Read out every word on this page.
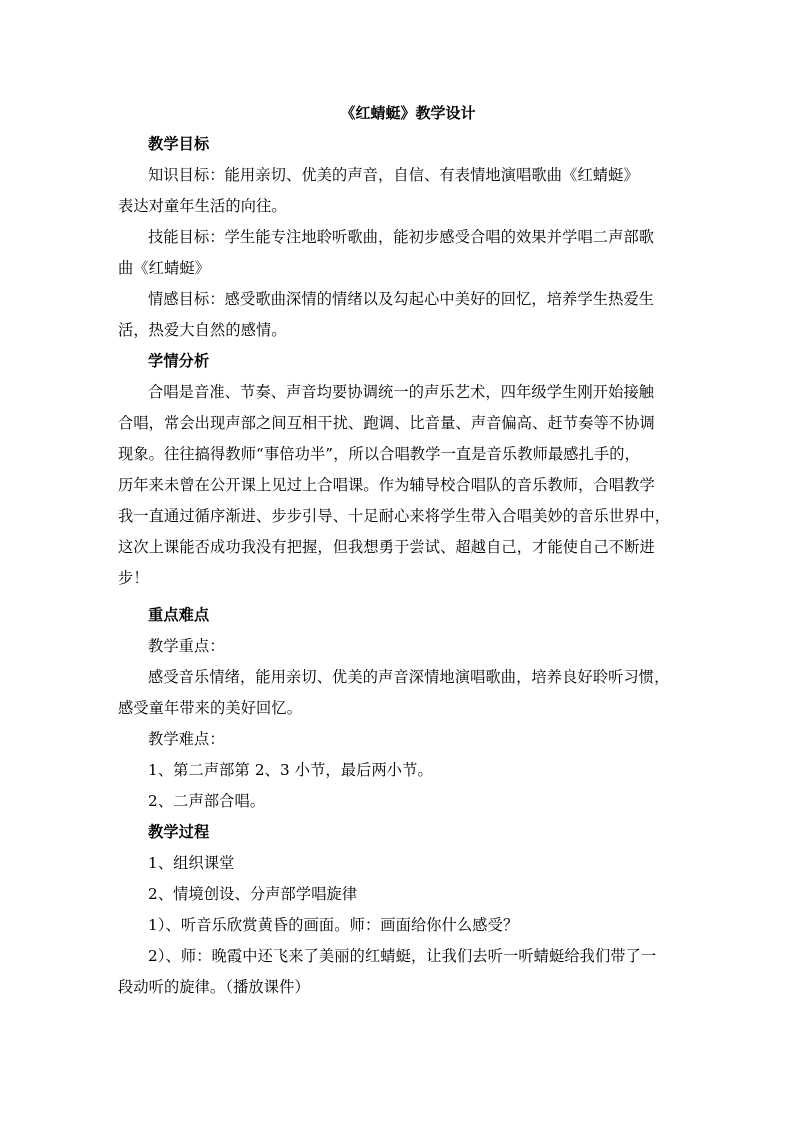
《红蜻蜓》教学设计
教学目标
知识目标：能用亲切、优美的声音，自信、有表情地演唱歌曲《红蜻蜓》
表达对童年生活的向往。
技能目标：学生能专注地聆听歌曲，能初步感受合唱的效果并学唱二声部歌
曲《红蜻蜓》
情感目标：感受歌曲深情的情绪以及勾起心中美好的回忆，培养学生热爱生
活，热爱大自然的感情。
学情分析
合唱是音准、节奏、声音均要协调统一的声乐艺术，四年级学生刚开始接触
合唱，常会出现声部之间互相干扰、跑调、比音量、声音偏高、赶节奏等不协调
现象。往往搞得教师“事倍功半”，所以合唱教学一直是音乐教师最感扎手的，
历年来未曾在公开课上见过上合唱课。作为辅导校合唱队的音乐教师，合唱教学
我一直通过循序渐进、步步引导、十足耐心来将学生带入合唱美妙的音乐世界中，
这次上课能否成功我没有把握，但我想勇于尝试、超越自己，才能使自己不断进
步！
重点难点
教学重点：
感受音乐情绪，能用亲切、优美的声音深情地演唱歌曲，培养良好聆听习惯，
感受童年带来的美好回忆。
教学难点：
1、第二声部第 2、3 小节，最后两小节。
2、二声部合唱。
教学过程
1、组织课堂
2、情境创设、分声部学唱旋律
1）、听音乐欣赏黄昏的画面。师：画面给你什么感受？
2）、师：晚霞中还飞来了美丽的红蜻蜓，让我们去听一听蜻蜓给我们带了一
段动听的旋律。（播放课件）
